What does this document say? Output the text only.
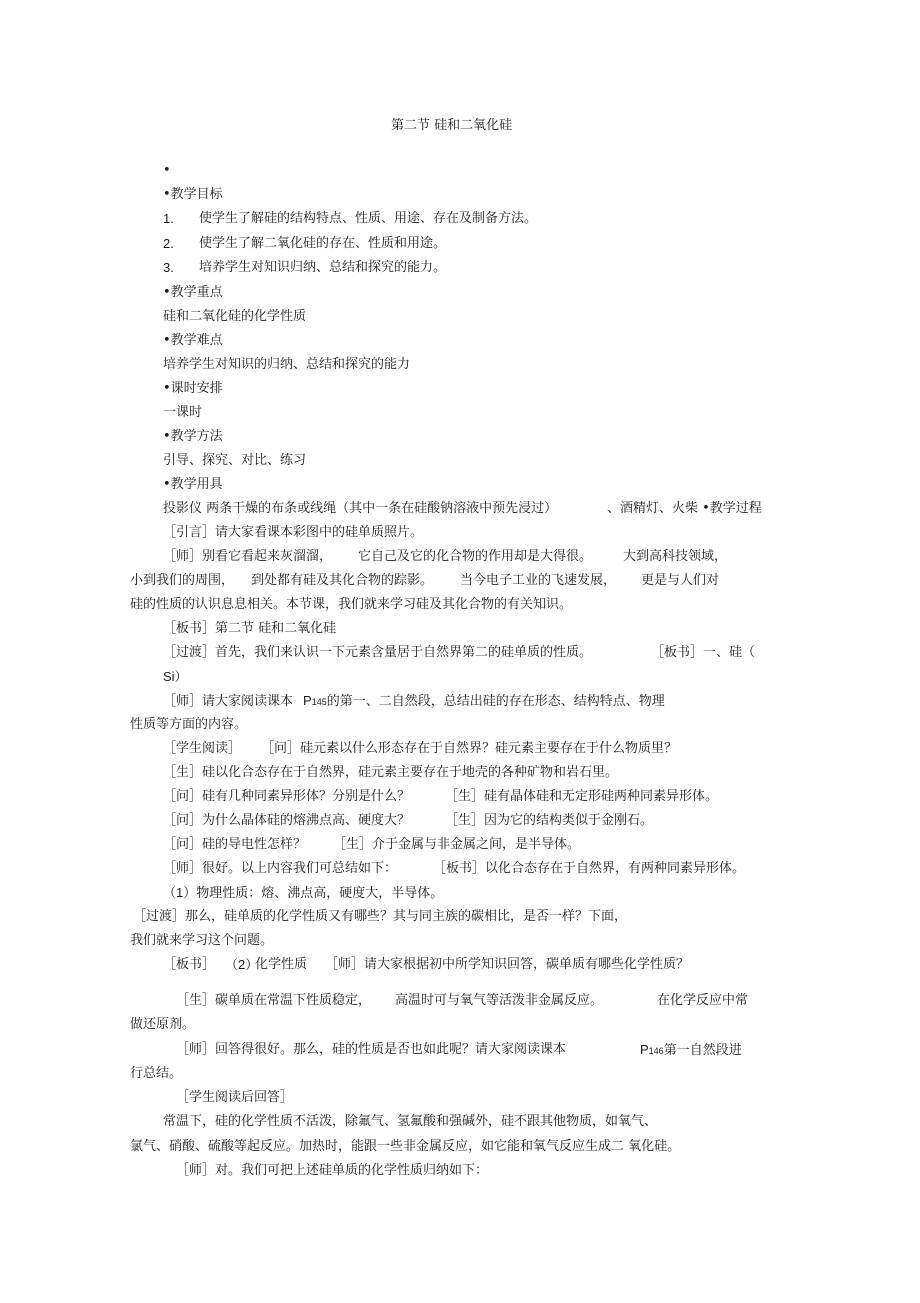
第二节 硅和二氧化硅
•
•教学目标
1. 使学生了解硅的结构特点、性质、用途、存在及制备方法。
2. 使学生了解二氧化硅的存在、性质和用途。
3. 培养学生对知识归纳、总结和探究的能力。
•教学重点
硅和二氧化硅的化学性质
•教学难点
培养学生对知识的归纳、总结和探究的能力
•课时安排
一课时
•教学方法
引导、探究、对比、练习
•教学用具
投影仪 两条干燥的布条或线绳（其中一条在硅酸钠溶液中预先浸过）	、酒精灯、火柴 •教学过程
［引言］请大家看课本彩图中的硅单质照片。
［师］别看它看起来灰溜溜， 它自己及它的化合物的作用却是大得很。 大到高科技领域，
小到我们的周围， 到处都有硅及其化合物的踪影。 当今电子工业的飞速发展， 更是与人们对
硅的性质的认识息息相关。本节课，我们就来学习硅及其化合物的有关知识。
［板书］第二节 硅和二氧化硅
［过渡］首先，我们来认识一下元素含量居于自然界第二的硅单质的性质。	［板书］一、硅（
Si）
［师］请大家阅读课本 P145的第一、二自然段，总结出硅的存在形态、结构特点、物理
性质等方面的内容。
［学生阅读］ ［问］硅元素以什么形态存在于自然界？硅元素主要存在于什么物质里？
［生］硅以化合态存在于自然界，硅元素主要存在于地壳的各种矿物和岩石里。
［问］硅有几种同素异形体？分别是什么？	［生］硅有晶体硅和无定形硅两种同素异形体。
［问］为什么晶体硅的熔沸点高、硬度大？	［生］因为它的结构类似于金刚石。
［问］硅的导电性怎样？ ［生］介于金属与非金属之间，是半导体。
［师］很好。以上内容我们可总结如下：	［板书］以化合态存在于自然界，有两种同素异形体。
（1）物理性质：熔、沸点高，硬度大，半导体。
［过渡］那么，硅单质的化学性质又有哪些？其与同主族的碳相比，是否一样？下面，
我们就来学习这个问题。
［板书］ （2）
化学性质 ［师］请大家根据初中所学知识回答，碳单质有哪些化学性质？
［生］碳单质在常温下性质稳定， 高温时可与氧气等活泼非金属反应。	在化学反应中常
做还原剂。
［师］回答得很好。那么，硅的性质是否也如此呢？请大家阅读课本	P146第一自然段进
行总结。
［学生阅读后回答］
常温下，硅的化学性质不活泼，除氟气、氢氟酸和强碱外，硅不跟其他物质，如氧气、
氯气、硝酸、硫酸等起反应。加热时，能跟一些非金属反应，如它能和氧气反应生成二 氧化硅。
［师］对。我们可把上述硅单质的化学性质归纳如下：
